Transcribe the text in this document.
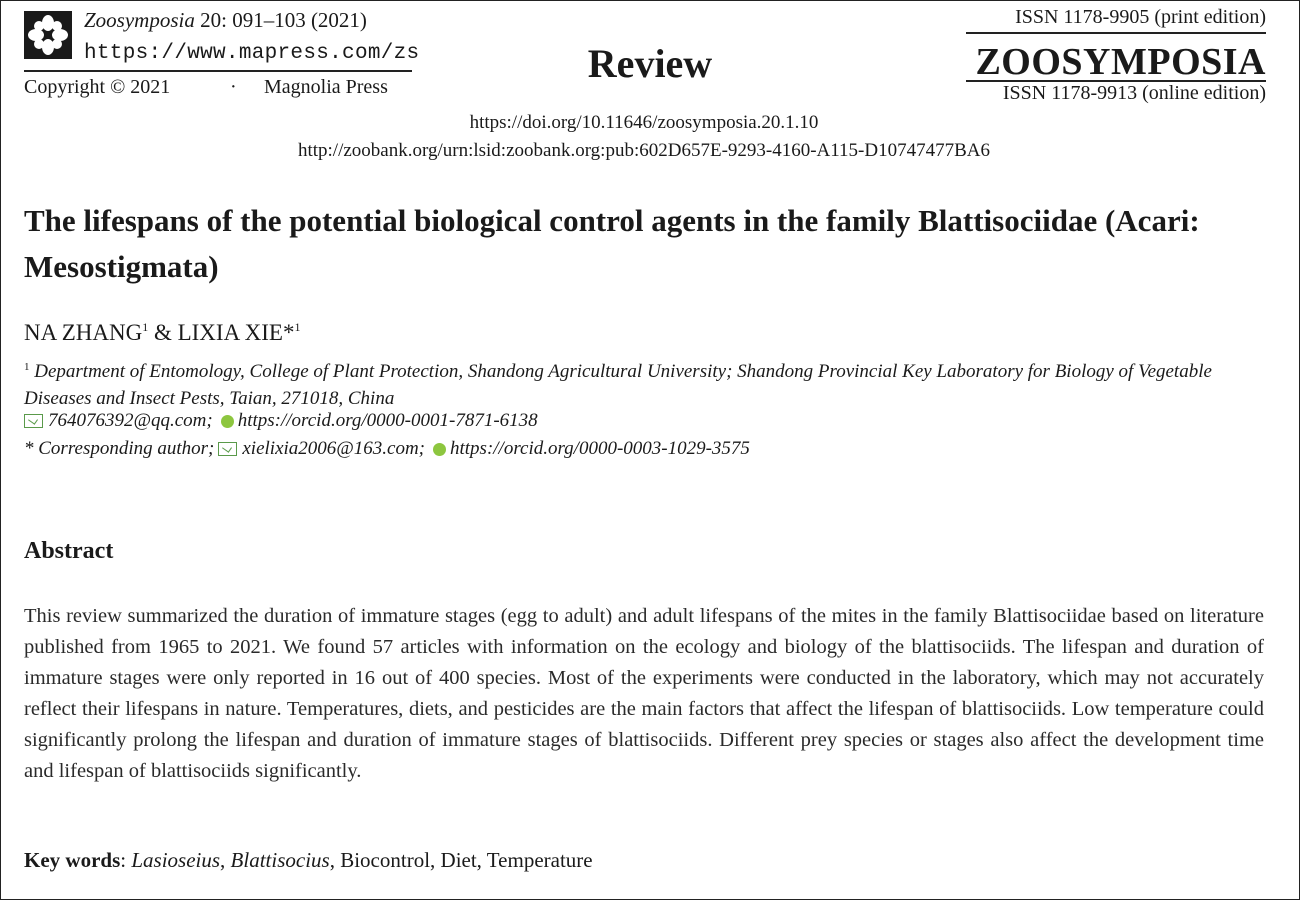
Zoosymposia 20: 091–103 (2021)
https://www.mapress.com/zs
Copyright © 2021	· Magnolia Press
Review
ISSN 1178-9905 (print edition)
ZOOSYMPOSIA
ISSN 1178-9913 (online edition)
https://doi.org/10.11646/zoosymposia.20.1.10
http://zoobank.org/urn:lsid:zoobank.org:pub:602D657E-9293-4160-A115-D10747477BA6
The lifespans of the potential biological control agents in the family Blattisociidae (Acari: Mesostigmata)
NA ZHANG$^1$ & LIXIA XIE*$^1$
$^1$ Department of Entomology, College of Plant Protection, Shandong Agricultural University; Shandong Provincial Key Laboratory for Biology of Vegetable Diseases and Insect Pests, Taian, 271018, China
764076392@qq.com; https://orcid.org/0000-0001-7871-6138
* Corresponding author; xielixia2006@163.com; https://orcid.org/0000-0003-1029-3575
Abstract
This review summarized the duration of immature stages (egg to adult) and adult lifespans of the mites in the family Blattisociidae based on literature published from 1965 to 2021. We found 57 articles with information on the ecology and biology of the blattisociids. The lifespan and duration of immature stages were only reported in 16 out of 400 species. Most of the experiments were conducted in the laboratory, which may not accurately reflect their lifespans in nature. Temperatures, diets, and pesticides are the main factors that affect the lifespan of blattisociids. Low temperature could significantly prolong the lifespan and duration of immature stages of blattisociids. Different prey species or stages also affect the development time and lifespan of blattisociids significantly.
Key words: Lasioseius, Blattisocius, Biocontrol, Diet, Temperature
